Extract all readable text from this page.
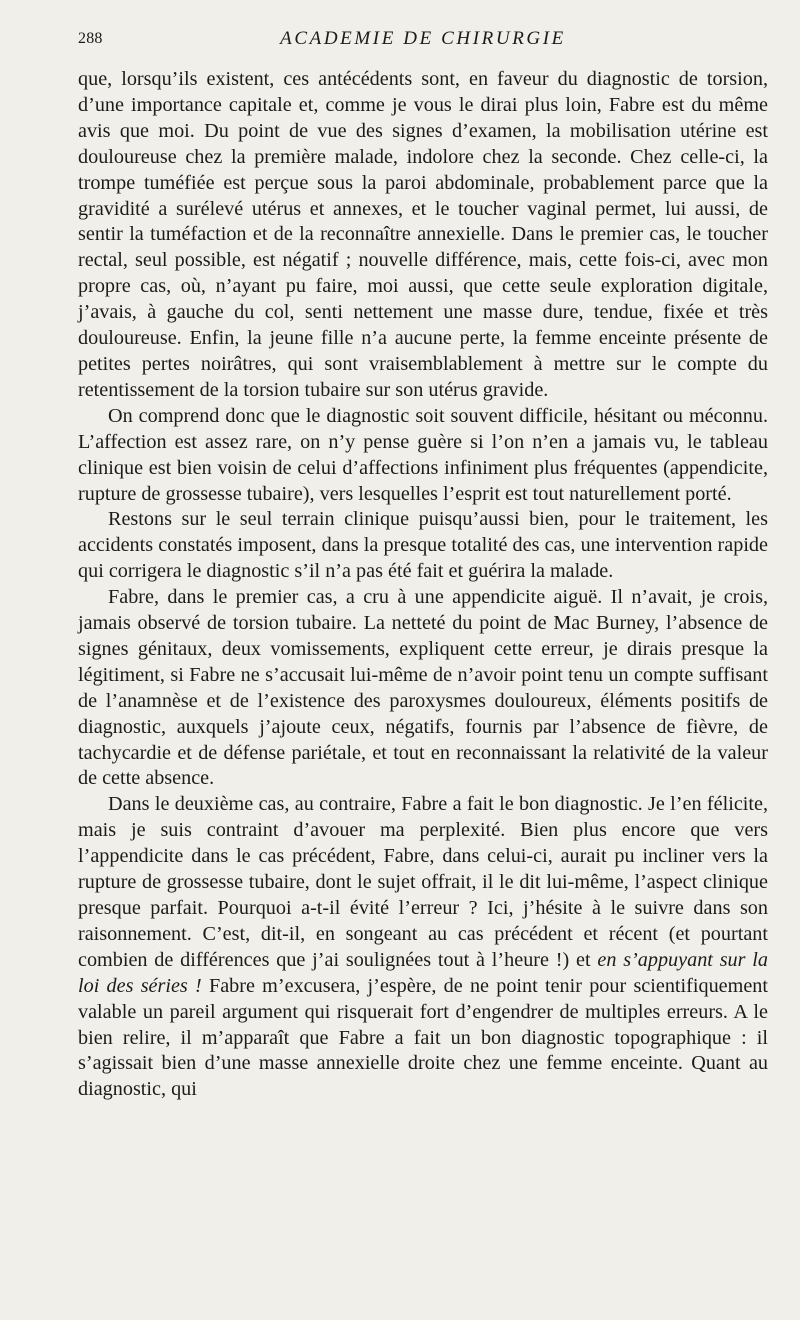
288	ACADEMIE DE CHIRURGIE

que, lorsqu’ils existent, ces antécédents sont, en faveur du diagnostic de torsion, d’une importance capitale et, comme je vous le dirai plus loin, Fabre est du même avis que moi. Du point de vue des signes d’examen, la mobilisation utérine est douloureuse chez la première malade, indolore chez la seconde. Chez celle-ci, la trompe tuméfiée est perçue sous la paroi abdominale, probablement parce que la gravidité a surélevé utérus et annexes, et le toucher vaginal permet, lui aussi, de sentir la tuméfaction et de la reconnaître annexielle. Dans le premier cas, le toucher rectal, seul possible, est négatif ; nouvelle différence, mais, cette fois-ci, avec mon propre cas, où, n’ayant pu faire, moi aussi, que cette seule exploration digitale, j’avais, à gauche du col, senti nettement une masse dure, tendue, fixée et très douloureuse. Enfin, la jeune fille n’a aucune perte, la femme enceinte présente de petites pertes noirâtres, qui sont vraisemblablement à mettre sur le compte du retentissement de la torsion tubaire sur son utérus gravide.

On comprend donc que le diagnostic soit souvent difficile, hésitant ou méconnu. L’affection est assez rare, on n’y pense guère si l’on n’en a jamais vu, le tableau clinique est bien voisin de celui d’affections infiniment plus fréquentes (appendicite, rupture de grossesse tubaire), vers lesquelles l’esprit est tout naturellement porté.

Restons sur le seul terrain clinique puisqu’aussi bien, pour le traitement, les accidents constatés imposent, dans la presque totalité des cas, une intervention rapide qui corrigera le diagnostic s’il n’a pas été fait et guérira la malade.

Fabre, dans le premier cas, a cru à une appendicite aiguë. Il n’avait, je crois, jamais observé de torsion tubaire. La netteté du point de Mac Burney, l’absence de signes génitaux, deux vomissements, expliquent cette erreur, je dirais presque la légitiment, si Fabre ne s’accusait lui-même de n’avoir point tenu un compte suffisant de l’anamnèse et de l’existence des paroxysmes douloureux, éléments positifs de diagnostic, auxquels j’ajoute ceux, négatifs, fournis par l’absence de fièvre, de tachycardie et de défense pariétale, et tout en reconnaissant la relativité de la valeur de cette absence.

Dans le deuxième cas, au contraire, Fabre a fait le bon diagnostic. Je l’en félicite, mais je suis contraint d’avouer ma perplexité. Bien plus encore que vers l’appendicite dans le cas précédent, Fabre, dans celui-ci, aurait pu incliner vers la rupture de grossesse tubaire, dont le sujet offrait, il le dit lui-même, l’aspect clinique presque parfait. Pourquoi a-t-il évité l’erreur ? Ici, j’hésite à le suivre dans son raisonnement. C’est, dit-il, en songeant au cas précédent et récent (et pourtant combien de différences que j’ai soulignées tout à l’heure !) et en s’appuyant sur la loi des séries ! Fabre m’excusera, j’espère, de ne point tenir pour scientifiquement valable un pareil argument qui risquerait fort d’engendrer de multiples erreurs. A le bien relire, il m’apparaît que Fabre a fait un bon diagnostic topographique : il s’agissait bien d’une masse annexielle droite chez une femme enceinte. Quant au diagnostic, qui
